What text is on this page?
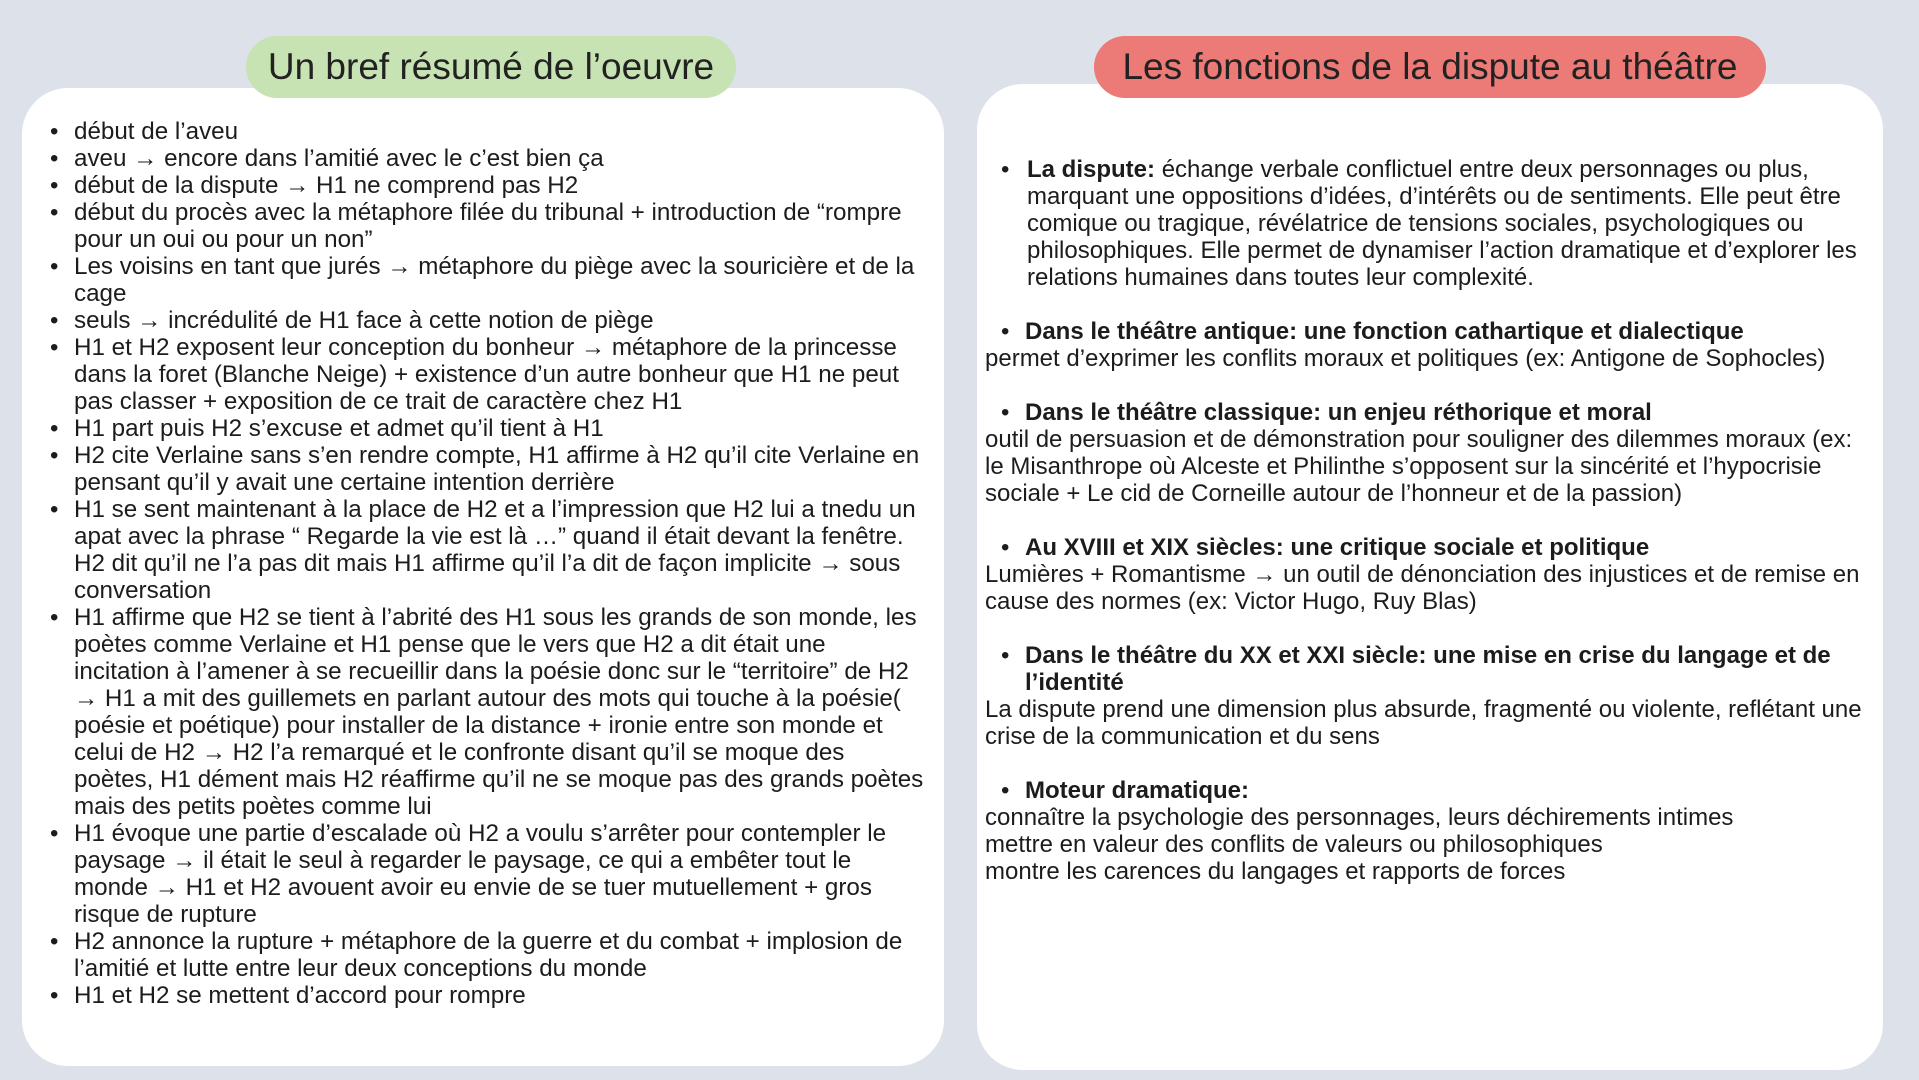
Un bref résumé de l’oeuvre	Les fonctions de la dispute au théâtre
• début de l’aveu
• aveu → encore dans l’amitié avec le c’est bien ça
• début de la dispute → H1 ne comprend pas H2
• début du procès avec la métaphore filée du tribunal + introduction de “rompre pour un oui ou pour un non”
• Les voisins en tant que jurés → métaphore du piège avec la souricière et de la cage
• seuls → incrédulité de H1 face à cette notion de piège
• H1 et H2 exposent leur conception du bonheur → métaphore de la princesse dans la foret (Blanche Neige) + existence d’un autre bonheur que H1 ne peut pas classer + exposition de ce trait de caractère chez H1
• H1 part puis H2 s’excuse et admet qu’il tient à H1
• H2 cite Verlaine sans s’en rendre compte, H1 affirme à H2 qu’il cite Verlaine en pensant qu’il y avait une certaine intention derrière
• H1 se sent maintenant à la place de H2 et a l’impression que H2 lui a tnedu un apat avec la phrase “ Regarde la vie est là …” quand il était devant la fenêtre. H2 dit qu’il ne l’a pas dit mais H1 affirme qu’il l’a dit de façon implicite → sous conversation
• H1 affirme que H2 se tient à l’abrité des H1 sous les grands de son monde, les poètes comme Verlaine et H1 pense que le vers que H2 a dit était une incitation à l’amener à se recueillir dans la poésie donc sur le “territoire” de H2 → H1 a mit des guillemets en parlant autour des mots qui touche à la poésie( poésie et poétique) pour installer de la distance + ironie entre son monde et celui de H2 → H2 l’a remarqué et le confronte disant qu’il se moque des poètes, H1 dément mais H2 réaffirme qu’il ne se moque pas des grands poètes mais des petits poètes comme lui
• H1 évoque une partie d’escalade où H2 a voulu s’arrêter pour contempler le paysage → il était le seul à regarder le paysage, ce qui a embêter tout le monde → H1 et H2 avouent avoir eu envie de se tuer mutuellement + gros risque de rupture
• H2 annonce la rupture + métaphore de la guerre et du combat + implosion de l’amitié et lutte entre leur deux conceptions du monde
• H1 et H2 se mettent d’accord pour rompre
• La dispute: échange verbale conflictuel entre deux personnages ou plus, marquant une oppositions d’idées, d’intérêts ou de sentiments. Elle peut être comique ou tragique, révélatrice de tensions sociales, psychologiques ou philosophiques. Elle permet de dynamiser l’action dramatique et d’explorer les relations humaines dans toutes leur complexité.
• Dans le théâtre antique: une fonction cathartique et dialectique
permet d’exprimer les conflits moraux et politiques (ex: Antigone de Sophocles)
• Dans le théâtre classique: un enjeu réthorique et moral
outil de persuasion et de démonstration pour souligner des dilemmes moraux (ex: le Misanthrope où Alceste et Philinthe s’opposent sur la sincérité et l’hypocrisie sociale + Le cid de Corneille autour de l’honneur et de la passion)
• Au XVIII et XIX siècles: une critique sociale et politique
Lumières + Romantisme → un outil de dénonciation des injustices et de remise en cause des normes (ex: Victor Hugo, Ruy Blas)
• Dans le théâtre du XX et XXI siècle: une mise en crise du langage et de l’identité
La dispute prend une dimension plus absurde, fragmenté ou violente, reflétant une crise de la communication et du sens
• Moteur dramatique:
connaître la psychologie des personnages, leurs déchirements intimes
mettre en valeur des conflits de valeurs ou philosophiques
montre les carences du langages et rapports de forces
